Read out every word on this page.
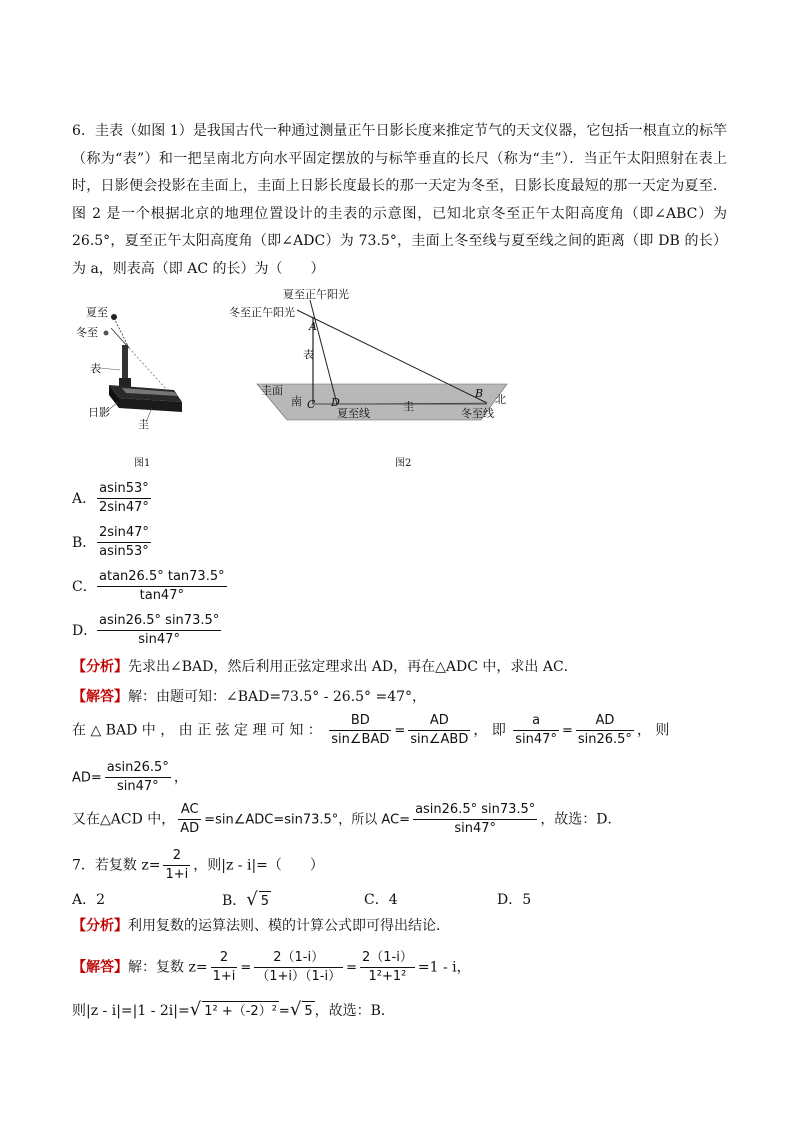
6．圭表（如图 1）是我国古代一种通过测量正午日影长度来推定节气的天文仪器，它包括一根直立的标竿（称为“表”）和一把呈南北方向水平固定摆放的与标竿垂直的长尺（称为“圭”）．当正午太阳照射在表上时，日影便会投影在圭面上，圭面上日影长度最长的那一天定为冬至，日影长度最短的那一天定为夏至．图 2 是一个根据北京的地理位置设计的圭表的示意图，已知北京冬至正午太阳高度角（即∠ABC）为 26.5°，夏至正午太阳高度角（即∠ADC）为 73.5°，圭面上冬至线与夏至线之间的距离（即 DB 的长）为 a，则表高（即 AC 的长）为（　　）
夏至
冬至
表
日影
圭
图1
夏至正午阳光
冬至正午阳光
A
表
圭面
南 C D
夏至线
圭
B 北
冬至线
图2
A． $\frac{asin53^\circ}{2\sin 47^\circ}$
B． $\frac{2\sin 47^\circ}{asin53^\circ}$
C． $\frac{atan26.5^\circ \tan 73.5^\circ}{\tan 47^\circ}$
D． $\frac{asin26.5^\circ \sin 73.5^\circ}{\sin 47^\circ}$
【分析】先求出∠BAD，然后利用正弦定理求出 AD，再在△ADC 中，求出 AC．
【解答】解：由题可知：∠BAD=73.5° - 26.5° =47°，
在 △ BAD 中 ， 由 正 弦 定 理 可 知 ： $\frac{BD}{\text{sin∠BAD}} = \frac{AD}{\text{sin∠ABD}}$ ， 即 $\frac{a}{\sin 47^\circ} = \frac{AD}{\sin 26.5^\circ}$ ， 则
$AD= \frac{asin26.5^\circ}{\sin 47^\circ}$ ，
又在△ACD 中， $\frac{AC}{AD}$ =sin∠ADC=sin73.5°，所以 $AC= \frac{asin26.5^\circ \sin 73.5^\circ}{\sin 47^\circ}$ ，故选：D．
7．若复数 $z= \frac{2}{1+i}$ ，则|z - i|=（　　）
A．2	B．√ 5	C．4	D．5
【分析】利用复数的运算法则、模的计算公式即可得出结论．
【解答】解：复数 $z= \frac{2}{1+i} = \frac{2(1-i)}{(1+i)(1-i)} = \frac{2(1-i)}{\text{1²+1²}} =1 - i$，
则|z - i|=|1 - 2i|=√ 1² +（-2）² =√ 5 ，故选：B．
